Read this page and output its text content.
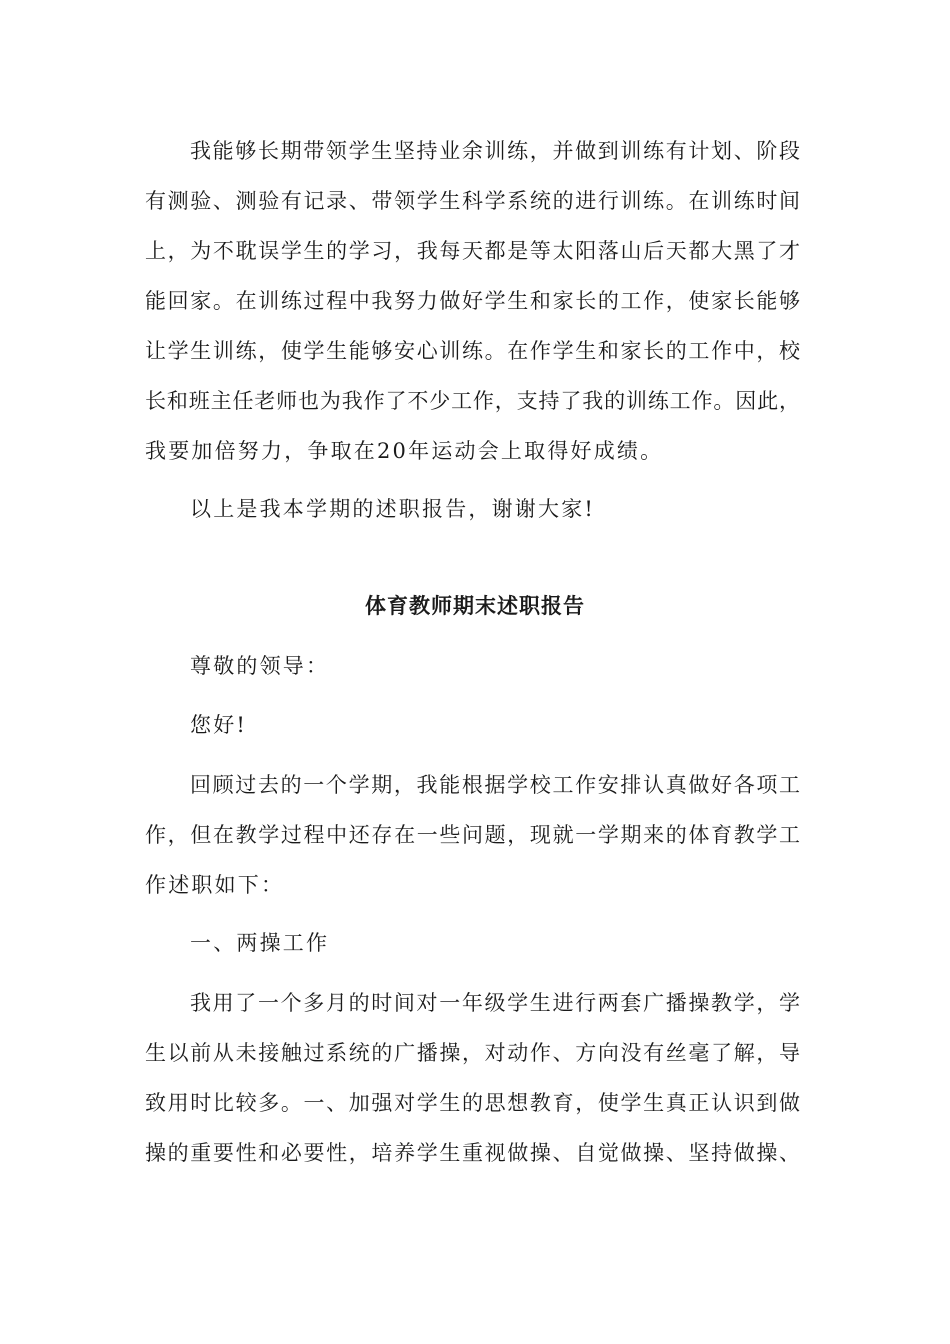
我能够长期带领学生坚持业余训练，并做到训练有计划、阶段
有测验、测验有记录、带领学生科学系统的进行训练。在训练时间
上，为不耽误学生的学习，我每天都是等太阳落山后天都大黑了才
能回家。在训练过程中我努力做好学生和家长的工作，使家长能够
让学生训练，使学生能够安心训练。在作学生和家长的工作中，校
长和班主任老师也为我作了不少工作，支持了我的训练工作。因此，
我要加倍努力，争取在20年运动会上取得好成绩。
以上是我本学期的述职报告，谢谢大家!
体育教师期末述职报告
尊敬的领导：
您好!
回顾过去的一个学期，我能根据学校工作安排认真做好各项工
作，但在教学过程中还存在一些问题，现就一学期来的体育教学工
作述职如下：
一、两操工作
我用了一个多月的时间对一年级学生进行两套广播操教学，学
生以前从未接触过系统的广播操，对动作、方向没有丝毫了解，导
致用时比较多。一、加强对学生的思想教育，使学生真正认识到做
操的重要性和必要性，培养学生重视做操、自觉做操、坚持做操、
